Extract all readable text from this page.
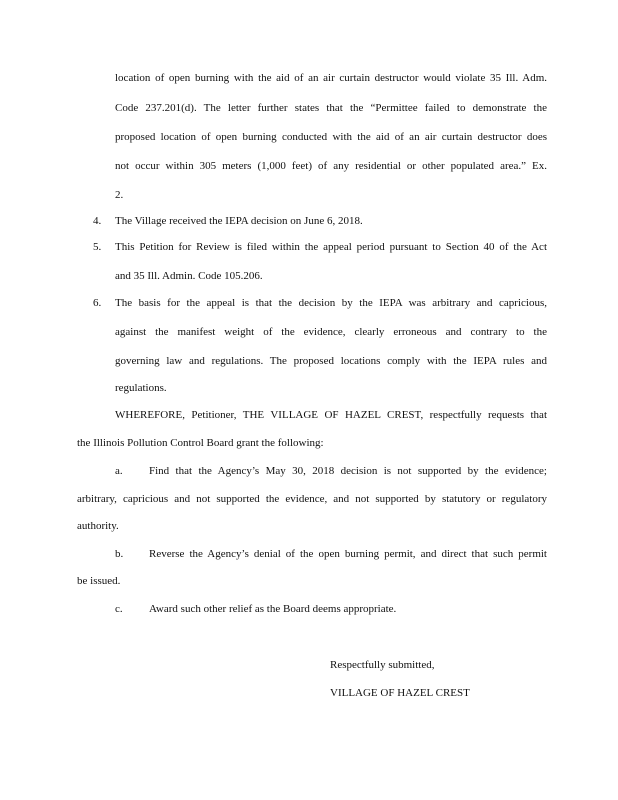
location of open burning with the aid of an air curtain destructor would violate 35 Ill. Adm.

Code 237.201(d). The letter further states that the “Permittee failed to demonstrate the

proposed location of open burning conducted with the aid of an air curtain destructor does

not occur within 305 meters (1,000 feet) of any residential or other populated area.” Ex.

2.

4. The Village received the IEPA decision on June 6, 2018.

5. This Petition for Review is filed within the appeal period pursuant to Section 40 of the Act

and 35 Ill. Admin. Code 105.206.

6. The basis for the appeal is that the decision by the IEPA was arbitrary and capricious,

against the manifest weight of the evidence, clearly erroneous and contrary to the

governing law and regulations. The proposed locations comply with the IEPA rules and

regulations.

WHEREFORE, Petitioner, THE VILLAGE OF HAZEL CREST, respectfully requests that

the Illinois Pollution Control Board grant the following:

a. Find that the Agency’s May 30, 2018 decision is not supported by the evidence;

arbitrary, capricious and not supported the evidence, and not supported by statutory or regulatory

authority.

b. Reverse the Agency’s denial of the open burning permit, and direct that such permit

be issued.

c. Award such other relief as the Board deems appropriate.

Respectfully submitted,

VILLAGE OF HAZEL CREST
